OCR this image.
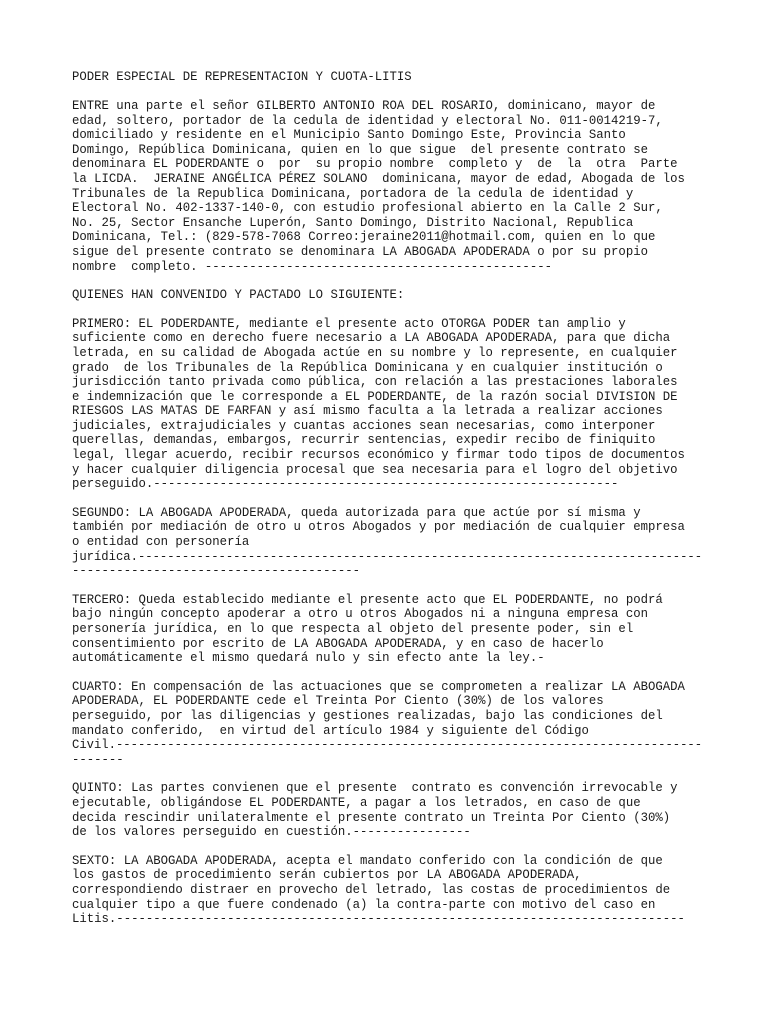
PODER ESPECIAL DE REPRESENTACION Y CUOTA-LITIS
ENTRE una parte el señor GILBERTO ANTONIO ROA DEL ROSARIO, dominicano, mayor de
edad, soltero, portador de la cedula de identidad y electoral No. 011-0014219-7,
domiciliado y residente en el Municipio Santo Domingo Este, Provincia Santo
Domingo, República Dominicana, quien en lo que sigue  del presente contrato se
denominara EL PODERDANTE o  por  su propio nombre  completo y  de  la  otra  Parte
la LICDA.  JERAINE ANGÉLICA PÉREZ SOLANO  dominicana, mayor de edad, Abogada de los
Tribunales de la Republica Dominicana, portadora de la cedula de identidad y
Electoral No. 402-1337-140-0, con estudio profesional abierto en la Calle 2 Sur,
No. 25, Sector Ensanche Luperón, Santo Domingo, Distrito Nacional, Republica
Dominicana, Tel.: (829-578-7068 Correo:jeraine2011@hotmail.com, quien en lo que
sigue del presente contrato se denominara LA ABOGADA APODERADA o por su propio
nombre  completo. -----------------------------------------------
QUIENES HAN CONVENIDO Y PACTADO LO SIGUIENTE:
PRIMERO: EL PODERDANTE, mediante el presente acto OTORGA PODER tan amplio y
suficiente como en derecho fuere necesario a LA ABOGADA APODERADA, para que dicha
letrada, en su calidad de Abogada actúe en su nombre y lo represente, en cualquier
grado  de los Tribunales de la República Dominicana y en cualquier institución o
jurisdicción tanto privada como pública, con relación a las prestaciones laborales
e indemnización que le corresponde a EL PODERDANTE, de la razón social DIVISION DE
RIESGOS LAS MATAS DE FARFAN y así mismo faculta a la letrada a realizar acciones
judiciales, extrajudiciales y cuantas acciones sean necesarias, como interponer
querellas, demandas, embargos, recurrir sentencias, expedir recibo de finiquito
legal, llegar acuerdo, recibir recursos económico y firmar todo tipos de documentos
y hacer cualquier diligencia procesal que sea necesaria para el logro del objetivo
perseguido.---------------------------------------------------------------
SEGUNDO: LA ABOGADA APODERADA, queda autorizada para que actúe por sí misma y
también por mediación de otro u otros Abogados y por mediación de cualquier empresa
o entidad con personería
jurídica.-----------------------------------------------------------------------------
---------------------------------------
TERCERO: Queda establecido mediante el presente acto que EL PODERDANTE, no podrá
bajo ningún concepto apoderar a otro u otros Abogados ni a ninguna empresa con
personería jurídica, en lo que respecta al objeto del presente poder, sin el
consentimiento por escrito de LA ABOGADA APODERADA, y en caso de hacerlo
automáticamente el mismo quedará nulo y sin efecto ante la ley.-
CUARTO: En compensación de las actuaciones que se comprometen a realizar LA ABOGADA
APODERADA, EL PODERDANTE cede el Treinta Por Ciento (30%) de los valores
perseguido, por las diligencias y gestiones realizadas, bajo las condiciones del
mandato conferido,  en virtud del artículo 1984 y siguiente del Código
Civil.--------------------------------------------------------------------------------
-------
QUINTO: Las partes convienen que el presente  contrato es convención irrevocable y
ejecutable, obligándose EL PODERDANTE, a pagar a los letrados, en caso de que
decida rescindir unilateralmente el presente contrato un Treinta Por Ciento (30%)
de los valores perseguido en cuestión.----------------
SEXTO: LA ABOGADA APODERADA, acepta el mandato conferido con la condición de que
los gastos de procedimiento serán cubiertos por LA ABOGADA APODERADA,
correspondiendo distraer en provecho del letrado, las costas de procedimientos de
cualquier tipo a que fuere condenado (a) la contra-parte con motivo del caso en
Litis.-----------------------------------------------------------------------------
